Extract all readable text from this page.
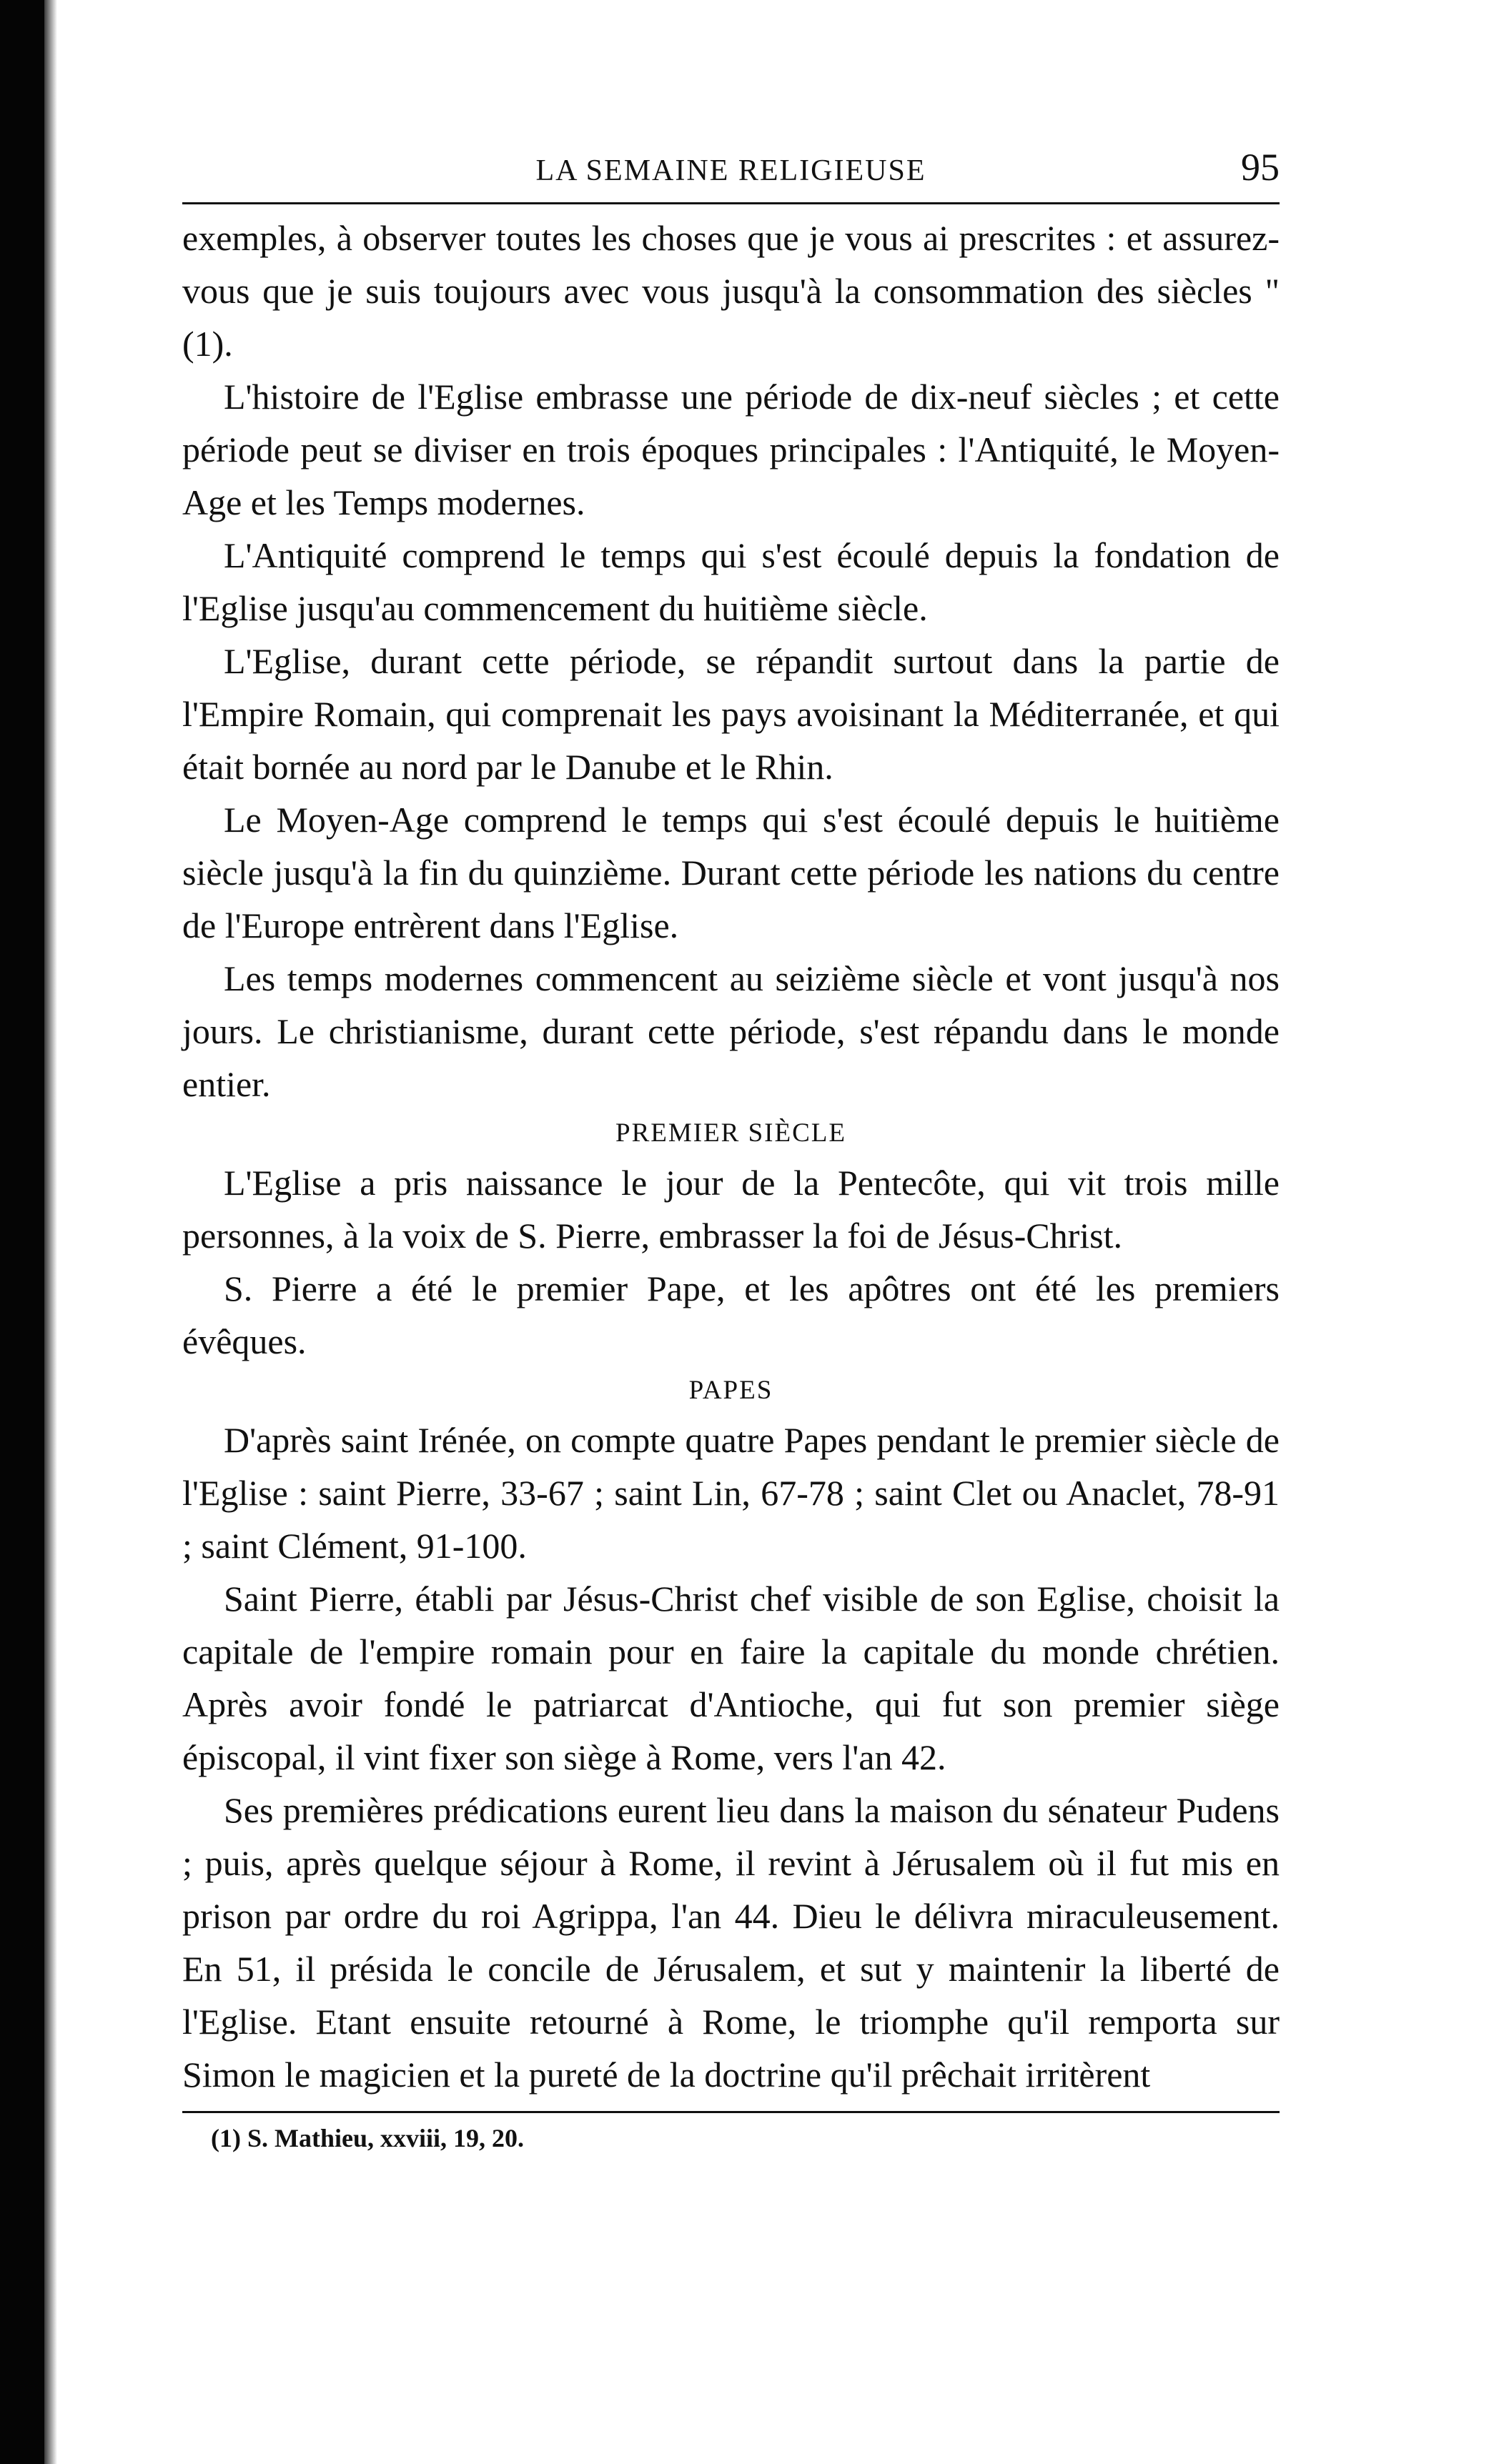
LA SEMAINE RELIGIEUSE	95

exemples, à observer toutes les choses que je vous ai prescrites : et assurez-vous que je suis toujours avec vous jusqu'à la consommation des siècles " (1).

L'histoire de l'Eglise embrasse une période de dix-neuf siècles ; et cette période peut se diviser en trois époques principales : l'Antiquité, le Moyen-Age et les Temps modernes.

L'Antiquité comprend le temps qui s'est écoulé depuis la fondation de l'Eglise jusqu'au commencement du huitième siècle.

L'Eglise, durant cette période, se répandit surtout dans la partie de l'Empire Romain, qui comprenait les pays avoisinant la Méditerranée, et qui était bornée au nord par le Danube et le Rhin.

Le Moyen-Age comprend le temps qui s'est écoulé depuis le huitième siècle jusqu'à la fin du quinzième. Durant cette période les nations du centre de l'Europe entrèrent dans l'Eglise.

Les temps modernes commencent au seizième siècle et vont jusqu'à nos jours. Le christianisme, durant cette période, s'est répandu dans le monde entier.

PREMIER SIÈCLE

L'Eglise a pris naissance le jour de la Pentecôte, qui vit trois mille personnes, à la voix de S. Pierre, embrasser la foi de Jésus-Christ.

S. Pierre a été le premier Pape, et les apôtres ont été les premiers évêques.

PAPES

D'après saint Irénée, on compte quatre Papes pendant le premier siècle de l'Eglise : saint Pierre, 33-67 ; saint Lin, 67-78 ; saint Clet ou Anaclet, 78-91 ; saint Clément, 91-100.

Saint Pierre, établi par Jésus-Christ chef visible de son Eglise, choisit la capitale de l'empire romain pour en faire la capitale du monde chrétien. Après avoir fondé le patriarcat d'Antioche, qui fut son premier siège épiscopal, il vint fixer son siège à Rome, vers l'an 42.

Ses premières prédications eurent lieu dans la maison du sénateur Pudens ; puis, après quelque séjour à Rome, il revint à Jérusalem où il fut mis en prison par ordre du roi Agrippa, l'an 44. Dieu le délivra miraculeusement. En 51, il présida le concile de Jérusalem, et sut y maintenir la liberté de l'Eglise. Etant ensuite retourné à Rome, le triomphe qu'il remporta sur Simon le magicien et la pureté de la doctrine qu'il prêchait irritèrent

(1) S. Mathieu, xxviii, 19, 20.
